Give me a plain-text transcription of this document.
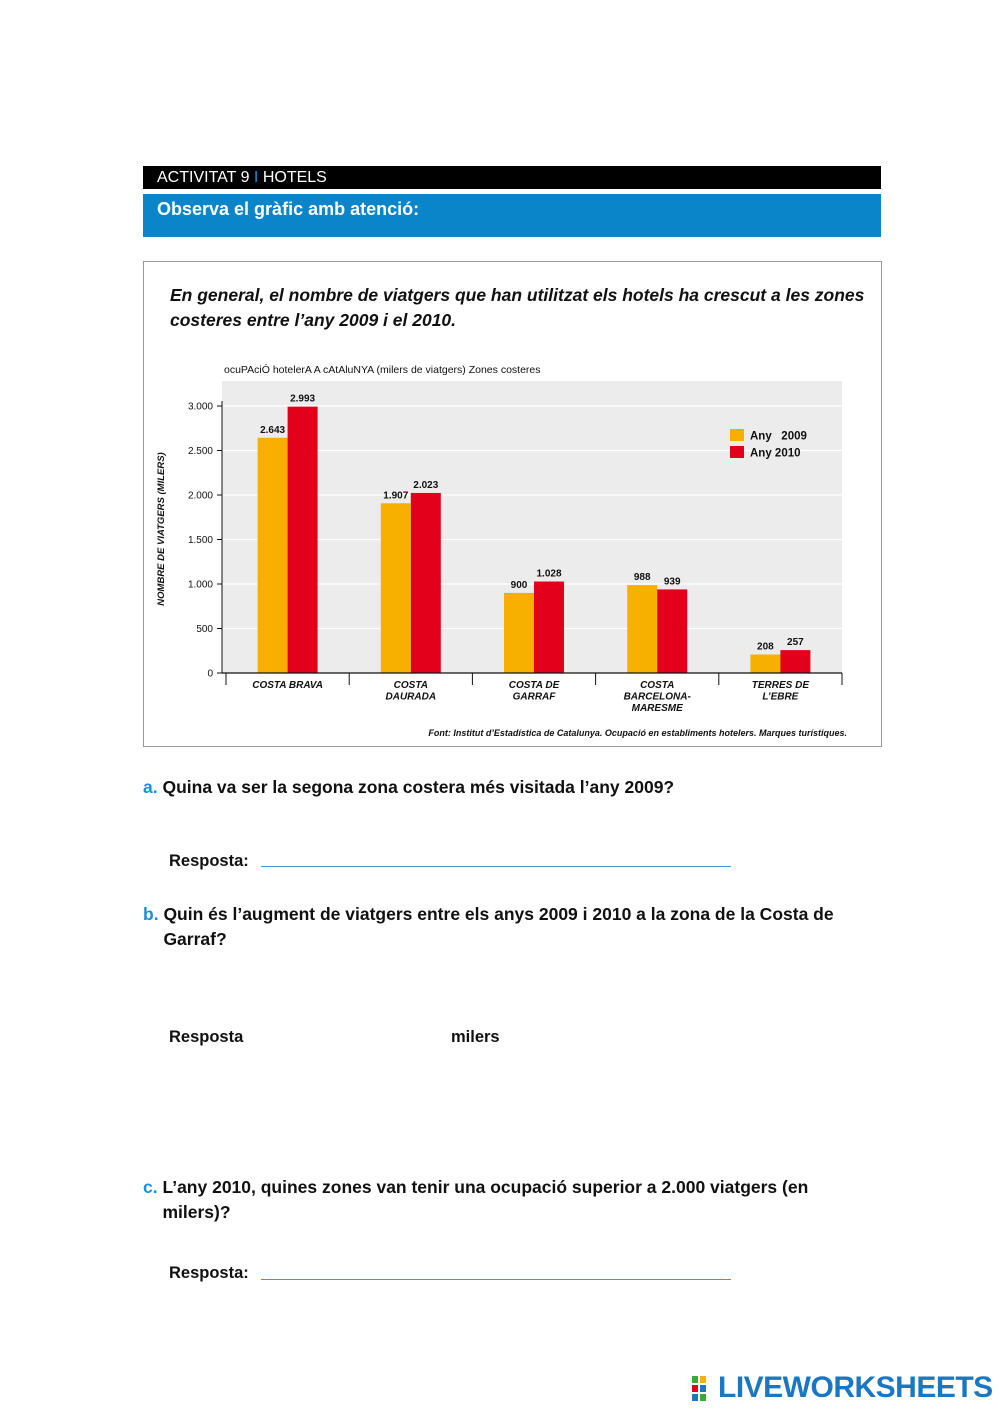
ACTIVITAT 9 I HOTELS
Observa el gràfic amb atenció:
En general, el nombre de viatgers que han utilitzat els hotels ha crescut a les zones costeres entre l’any 2009 i el 2010.
ocuPAciÓ hotelerA A cAtAluNYA (milers de viatgers) Zones costeres
2.643
2.993
1.907
2.023
900
1.028	988 939
208 257
0
500
1.000
1.500
2.000
2.500
3.000
COSTA BRAVA	COSTA
DAURADA
COSTA DE
GARRAF
COSTA
BARCELONA-
MARESME
TERRES DE
L’EBRE
NOMBRE DE VIATGERS (MILERS)
Any   2009
Any 2010
Font: Institut d’Estadística de Catalunya. Ocupació en establiments hotelers. Marques turístiques.
a. Quina va ser la segona zona costera més visitada l’any 2009?
Resposta:
b. Quin és l’augment de viatgers entre els anys 2009 i 2010 a la zona de la Costa de Garraf?
Resposta	milers
c. L’any 2010, quines zones van tenir una ocupació superior a 2.000 viatgers (en milers)?
Resposta:
LIVEWORKSHEETS
